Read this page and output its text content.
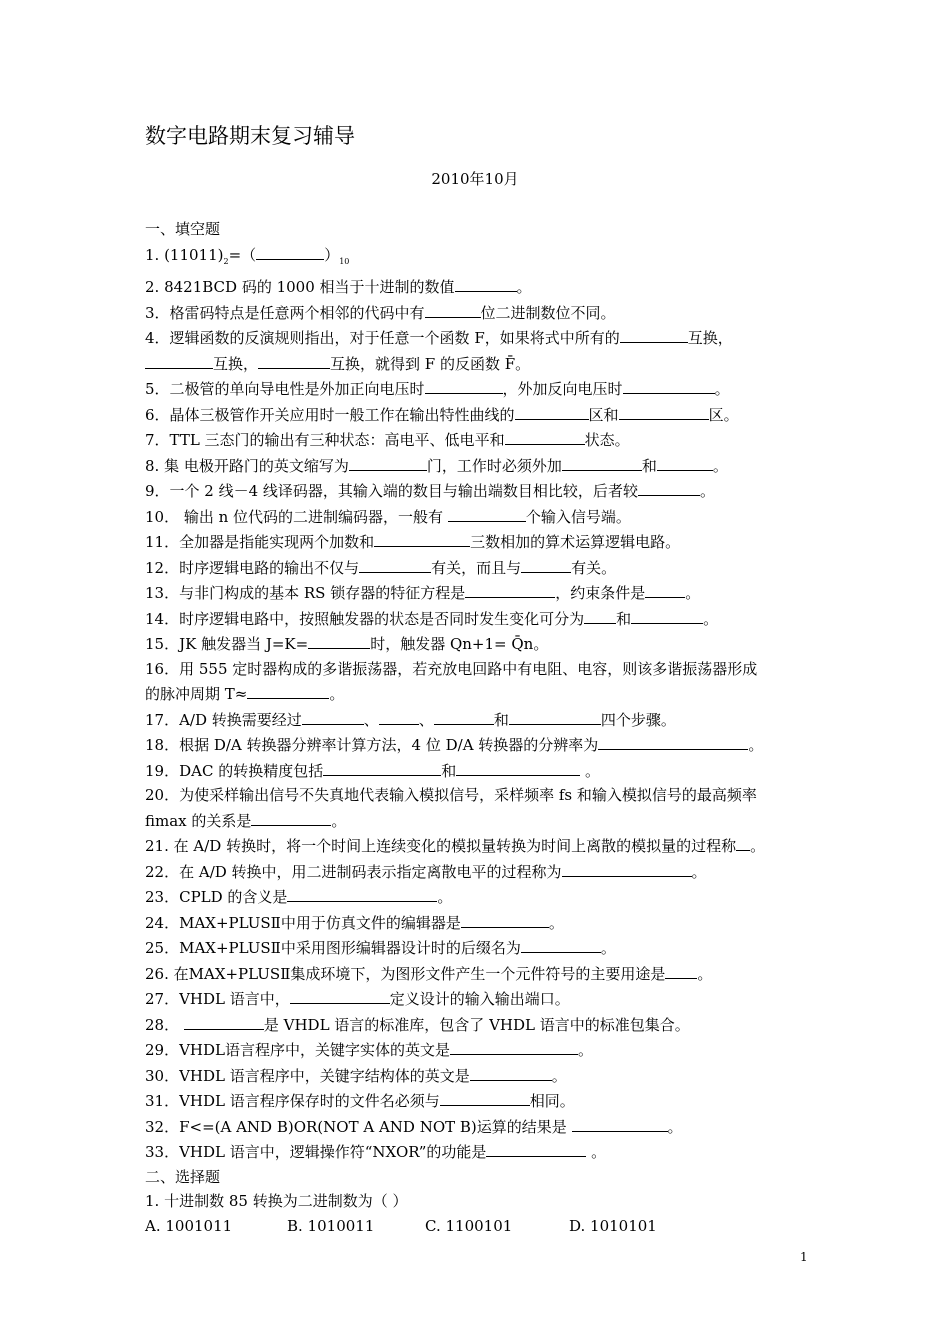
数字电路期末复习辅导
2010年10月
一、填空题
1. $(11011)_2=$（	）$_{10}$
2. 8421BCD 码的 1000 相当于十进制的数值	。
3．格雷码特点是任意两个相邻的代码中有	位二进制数位不同。
4．逻辑函数的反演规则指出，对于任意一个函数 F，如果将式中所有的	互换，
互换，	互换，就得到 F 的反函数 F̄。
5．二极管的单向导电性是外加正向电压时	，外加反向电压时	。
6．晶体三极管作开关应用时一般工作在输出特性曲线的	区和	区。
7．TTL 三态门的输出有三种状态：高电平、低电平和	状态。
8. 集 电极开路门的英文缩写为	门，工作时必须外加	和	。
9．一个 2 线－4 线译码器，其输入端的数目与输出端数目相比较，后者较	。
10． 输出 n 位代码的二进制编码器，一般有	个输入信号端。
11．全加器是指能实现两个加数和	三数相加的算术运算逻辑电路。
12．时序逻辑电路的输出不仅与	有关，而且与	有关。
13．与非门构成的基本 RS 锁存器的特征方程是	，约束条件是	。
14．时序逻辑电路中，按照触发器的状态是否同时发生变化可分为 和	。
15．JK 触发器当 J=K=	时，触发器 Qn+1= Q̄n。
16．用 555 定时器构成的多谐振荡器，若充放电回路中有电阻、电容，则该多谐振荡器形成
的脉冲周期 T≈	。
17．A/D 转换需要经过	、	、	和	四个步骤。
18．根据 D/A 转换器分辨率计算方法，4 位 D/A 转换器的分辨率为	。
19．DAC 的转换精度包括	和	。
20．为使采样输出信号不失真地代表输入模拟信号，采样频率 fs 和输入模拟信号的最高频率
fimax 的关系是	。
21. 在 A/D 转换时，将一个时间上连续变化的模拟量转换为时间上离散的模拟量的过程称 。
22．在 A/D 转换中，用二进制码表示指定离散电平的过程称为	。
23．CPLD 的含义是	。
24．MAX+PLUSⅡ中用于仿真文件的编辑器是	。
25．MAX+PLUSⅡ中采用图形编辑器设计时的后缀名为	。
26. 在MAX+PLUSⅡ集成环境下，为图形文件产生一个元件符号的主要用途是 。
27．VHDL 语言中，	定义设计的输入输出端口。
28．	是 VHDL 语言的标准库，包含了 VHDL 语言中的标准包集合。
29．VHDL语言程序中，关键字实体的英文是	。
30．VHDL 语言程序中，关键字结构体的英文是	。
31．VHDL 语言程序保存时的文件名必须与	相同。
32．F<=(A AND B)OR(NOT A AND NOT B)运算的结果是	。
33．VHDL 语言中，逻辑操作符“NXOR”的功能是	。
二、选择题
1. 十进制数 85 转换为二进制数为（ ）
A. 1001011	B. 1010011	C. 1100101	D. 1010101
1
